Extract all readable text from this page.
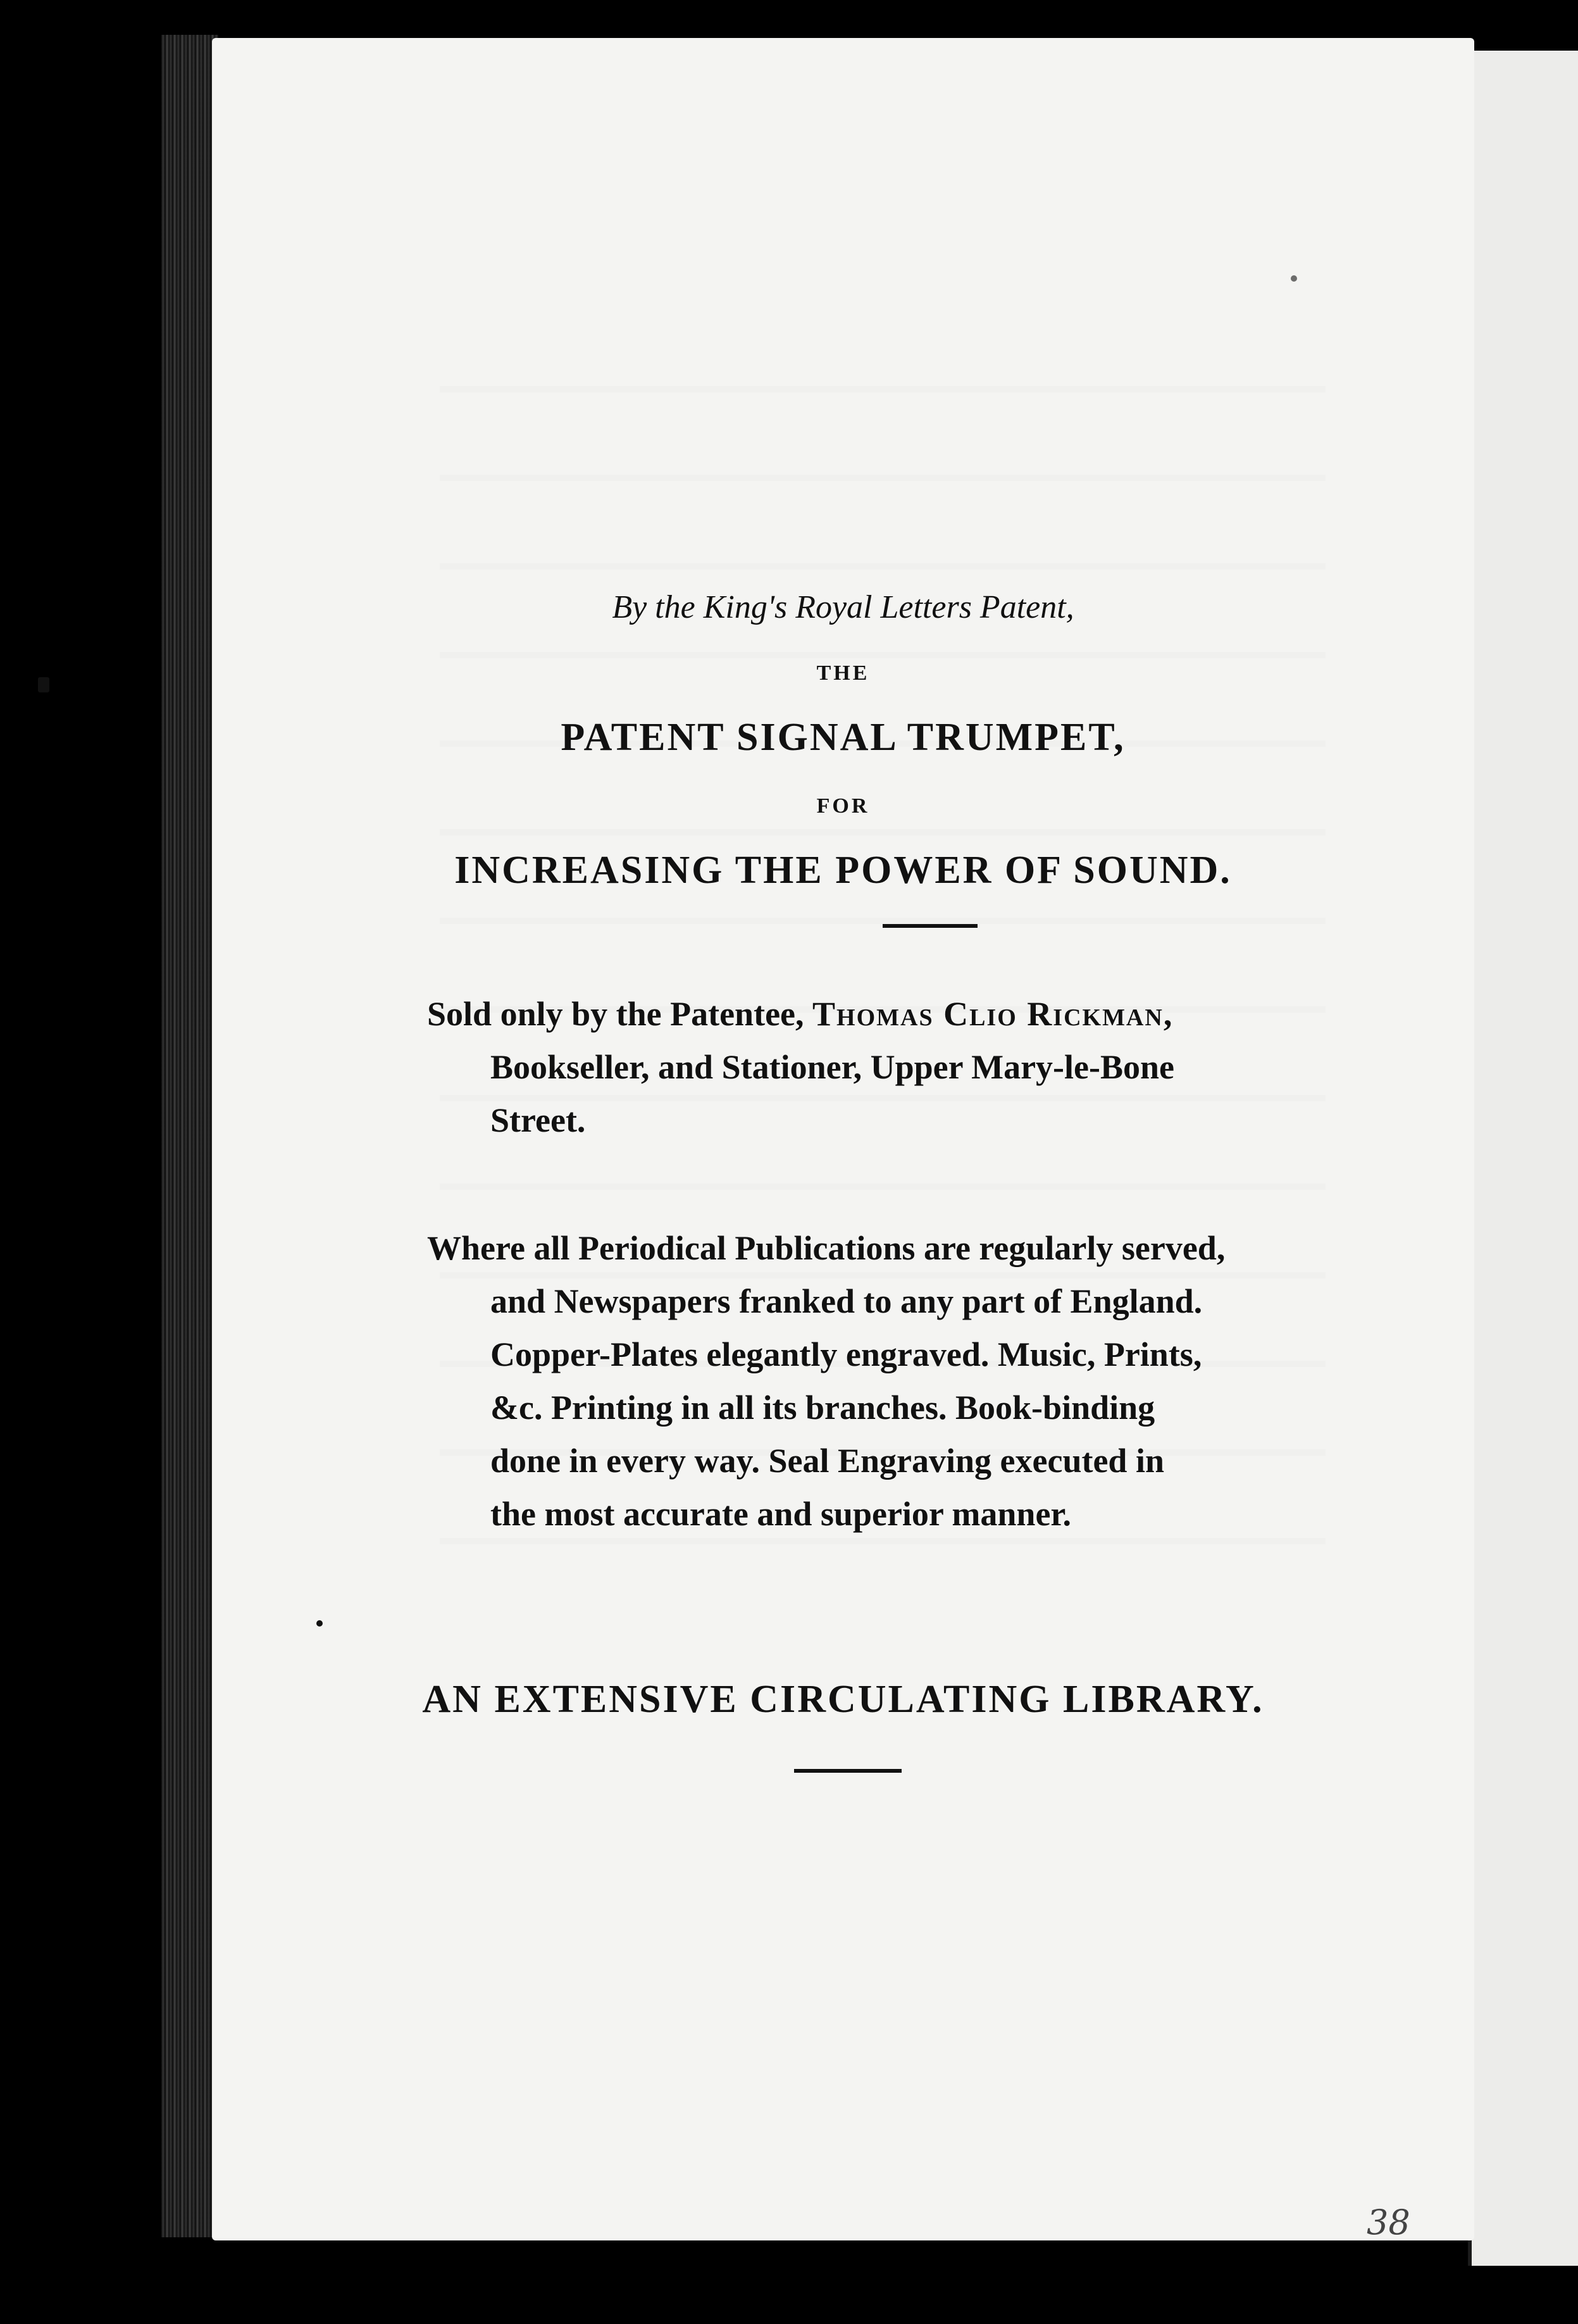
By the King's Royal Letters Patent,
THE
PATENT SIGNAL TRUMPET,
FOR
INCREASING THE POWER OF SOUND.
Sold only by the Patentee, Thomas Clio Rickman,
Bookseller, and Stationer, Upper Mary-le-Bone
Street.
Where all Periodical Publications are regularly served,
and Newspapers franked to any part of England.
Copper-Plates elegantly engraved. Music, Prints,
&c. Printing in all its branches. Book-binding
done in every way. Seal Engraving executed in
the most accurate and superior manner.
AN EXTENSIVE CIRCULATING LIBRARY.
38
